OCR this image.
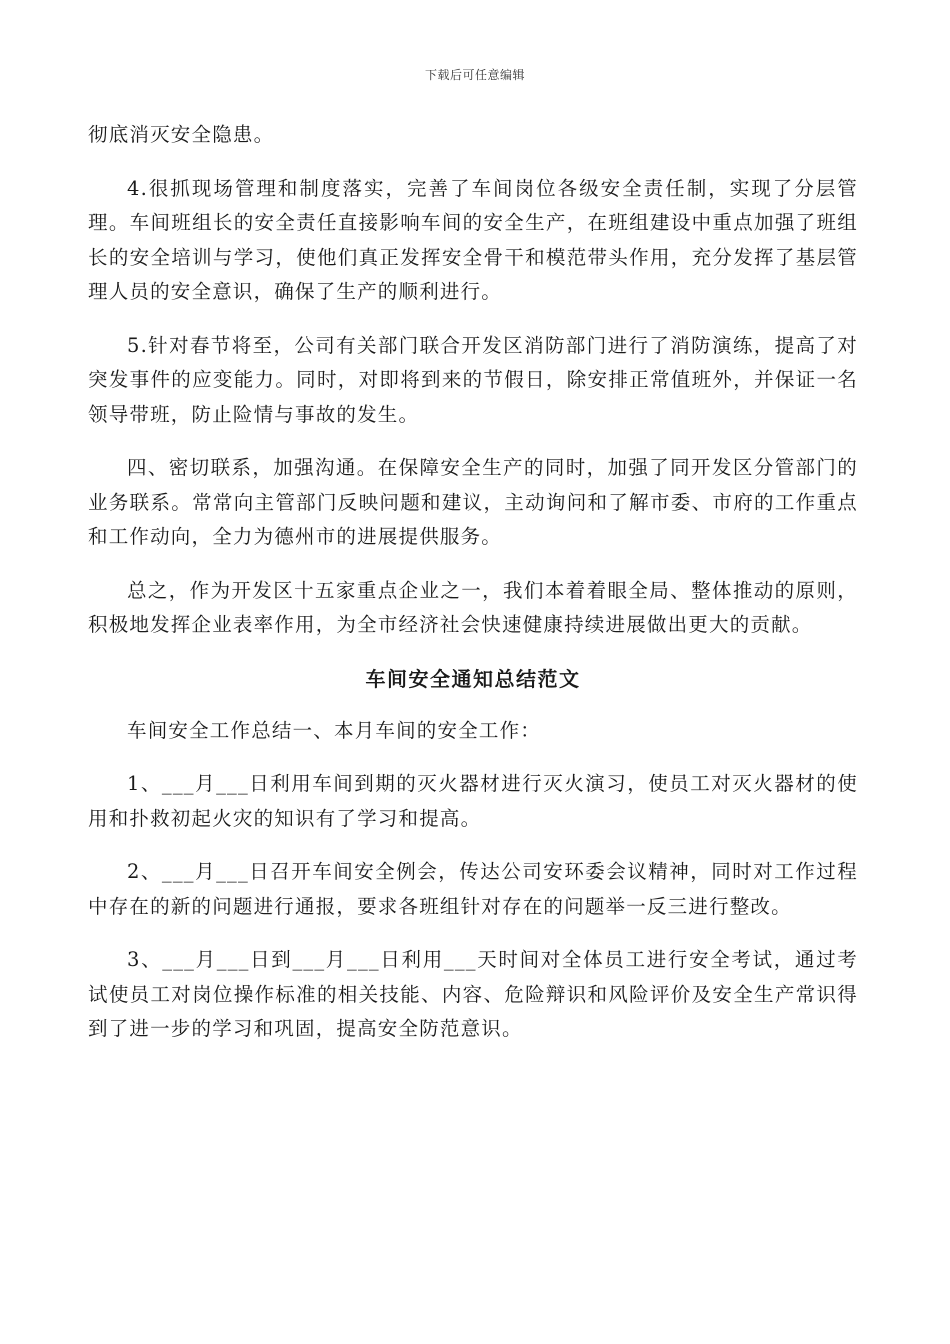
下载后可任意编辑

彻底消灭安全隐患。

4.很抓现场管理和制度落实，完善了车间岗位各级安全责任制，实现了分层管理。车间班组长的安全责任直接影响车间的安全生产，在班组建设中重点加强了班组长的安全培训与学习，使他们真正发挥安全骨干和模范带头作用，充分发挥了基层管理人员的安全意识，确保了生产的顺利进行。

5.针对春节将至，公司有关部门联合开发区消防部门进行了消防演练，提高了对突发事件的应变能力。同时，对即将到来的节假日，除安排正常值班外，并保证一名领导带班，防止险情与事故的发生。

四、密切联系，加强沟通。在保障安全生产的同时，加强了同开发区分管部门的业务联系。常常向主管部门反映问题和建议，主动询问和了解市委、市府的工作重点和工作动向，全力为德州市的进展提供服务。

总之，作为开发区十五家重点企业之一，我们本着着眼全局、整体推动的原则，积极地发挥企业表率作用，为全市经济社会快速健康持续进展做出更大的贡献。

车间安全通知总结范文

车间安全工作总结一、本月车间的安全工作：

1、___月___日利用车间到期的灭火器材进行灭火演习，使员工对灭火器材的使用和扑救初起火灾的知识有了学习和提高。

2、___月___日召开车间安全例会，传达公司安环委会议精神，同时对工作过程中存在的新的问题进行通报，要求各班组针对存在的问题举一反三进行整改。

3、___月___日到___月___日利用___天时间对全体员工进行安全考试，通过考试使员工对岗位操作标准的相关技能、内容、危险辩识和风险评价及安全生产常识得到了进一步的学习和巩固，提高安全防范意识。
